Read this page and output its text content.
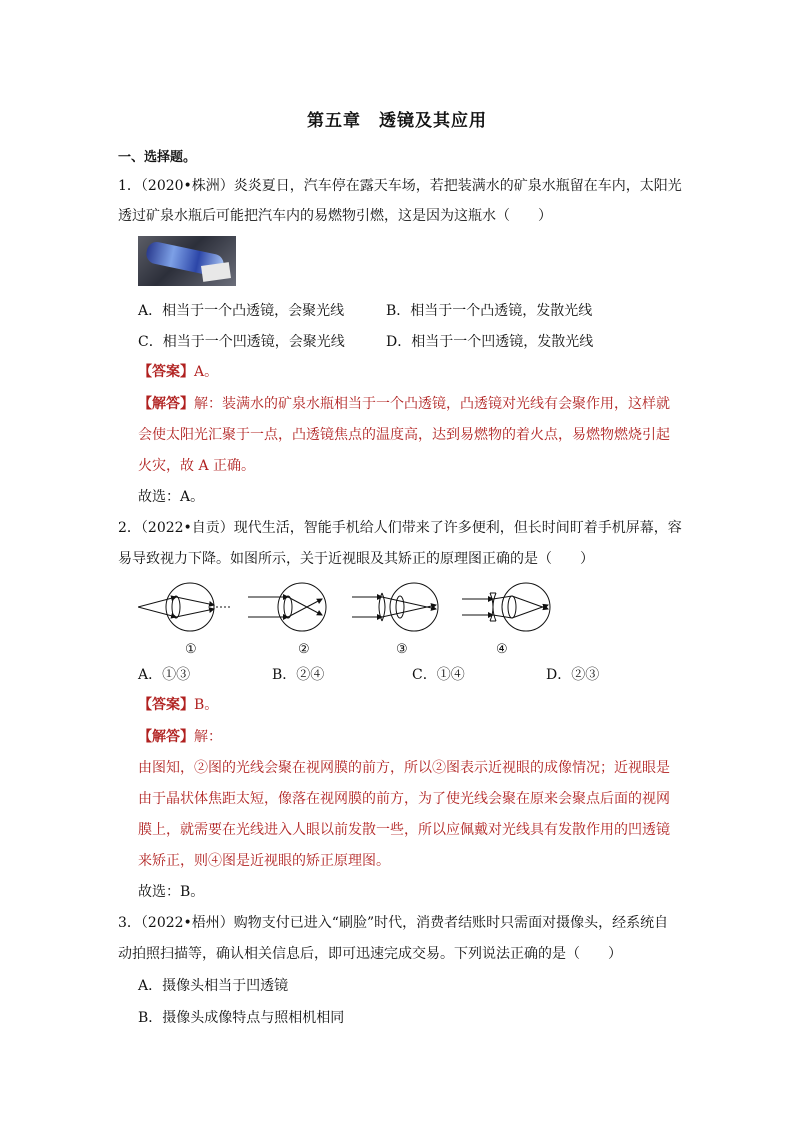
第五章　透镜及其应用
一、选择题。
1．（2020•株洲）炎炎夏日，汽车停在露天车场，若把装满水的矿泉水瓶留在车内，太阳光
透过矿泉水瓶后可能把汽车内的易燃物引燃，这是因为这瓶水（　　）
A．相当于一个凸透镜，会聚光线	B．相当于一个凸透镜，发散光线
C．相当于一个凹透镜，会聚光线	D．相当于一个凹透镜，发散光线
【答案】A。
【解答】解：装满水的矿泉水瓶相当于一个凸透镜，凸透镜对光线有会聚作用，这样就
会使太阳光汇聚于一点，凸透镜焦点的温度高，达到易燃物的着火点，易燃物燃烧引起
火灾，故 A 正确。
故选：A。
2．（2022•自贡）现代生活，智能手机给人们带来了许多便利，但长时间盯着手机屏幕，容
易导致视力下降。如图所示，关于近视眼及其矫正的原理图正确的是（　　）
①	②	③	④
A．①③	B．②④	C．①④	D．②③
【答案】B。
【解答】解：
由图知，②图的光线会聚在视网膜的前方，所以②图表示近视眼的成像情况；近视眼是
由于晶状体焦距太短，像落在视网膜的前方，为了使光线会聚在原来会聚点后面的视网
膜上，就需要在光线进入人眼以前发散一些，所以应佩戴对光线具有发散作用的凹透镜
来矫正，则④图是近视眼的矫正原理图。
故选：B。
3．（2022•梧州）购物支付已进入“刷脸”时代，消费者结账时只需面对摄像头，经系统自
动拍照扫描等，确认相关信息后，即可迅速完成交易。下列说法正确的是（　　）
A．摄像头相当于凹透镜
B．摄像头成像特点与照相机相同
